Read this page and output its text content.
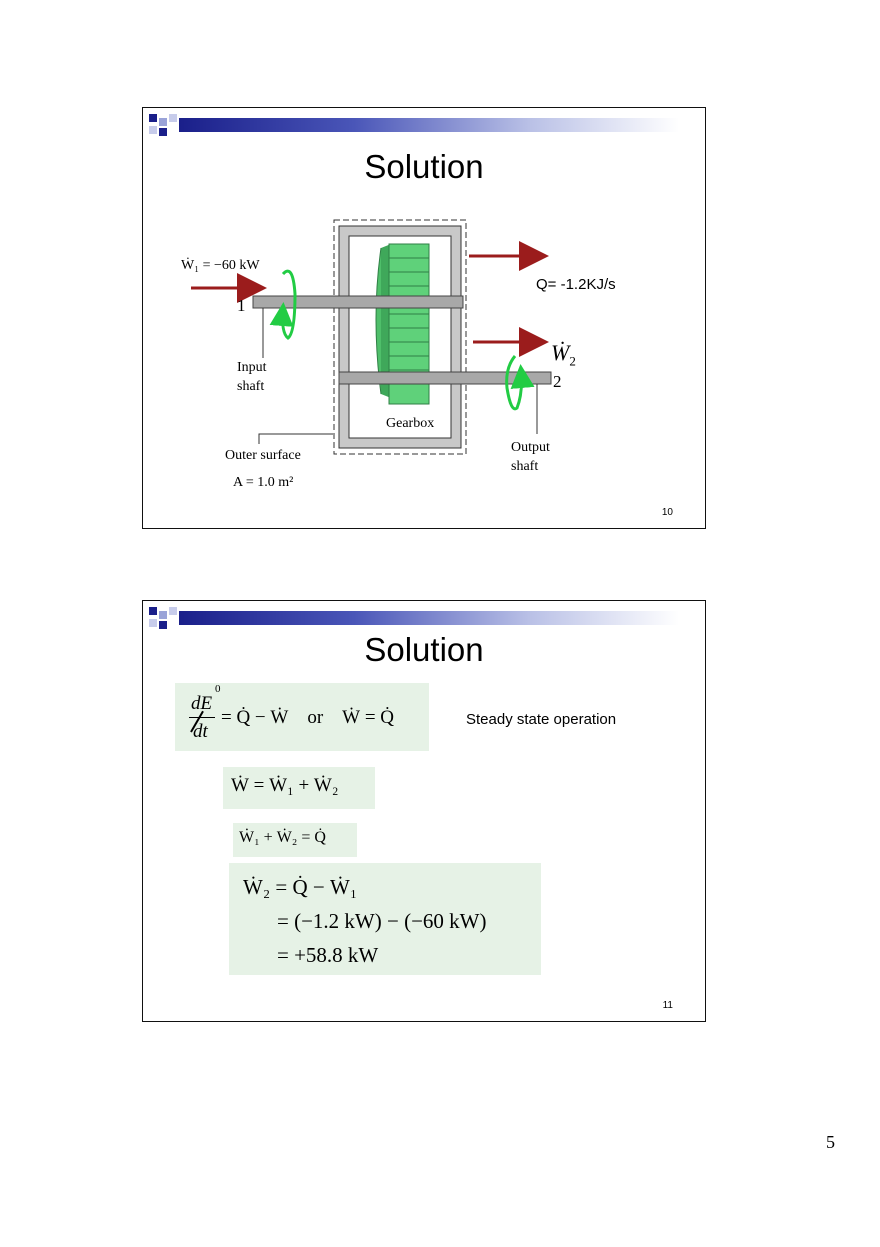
Solution
Q= -1.2KJ/s
Ẇ₁ = −60 kW
1
$Ẇ_2$
2
Input
shaft
Gearbox
Outer surface
A = 1.0 m²
Output
shaft
10
Solution
0
dE
dt
= Q̇ − Ẇ    or    Ẇ = Q̇	Steady state operation
Ẇ = Ẇ₁ + Ẇ₂
Ẇ₁ + Ẇ₂ = Q̇
Ẇ₂ = Q̇ − Ẇ₁
= (−1.2 kW) − (−60 kW)
= +58.8 kW
11
5
